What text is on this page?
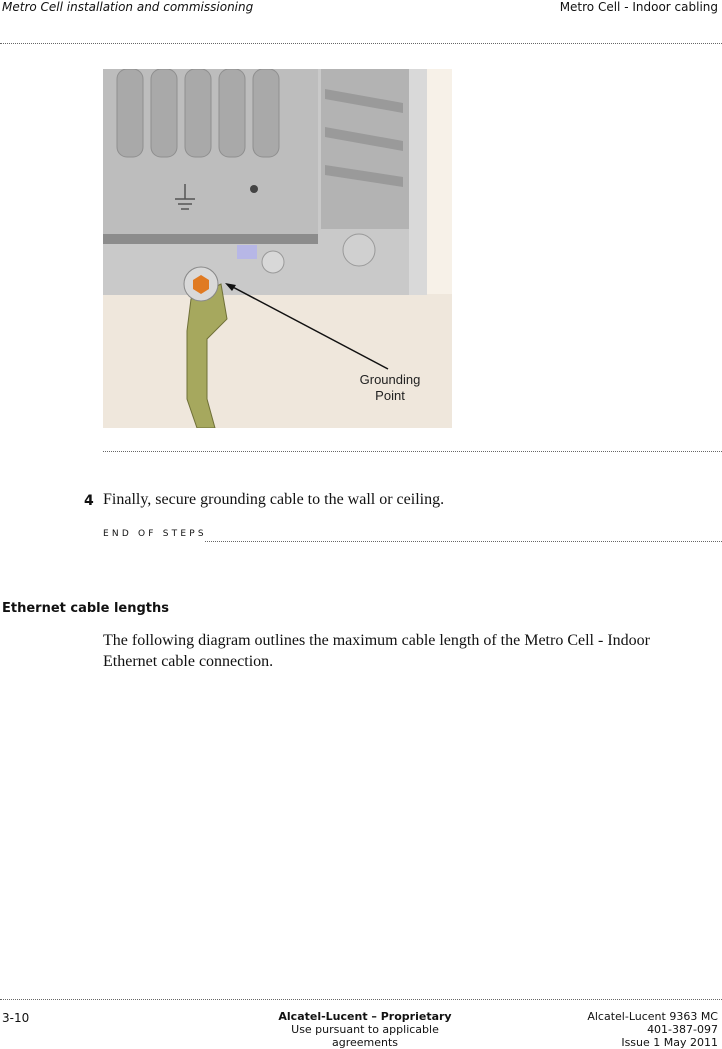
Metro Cell installation and commissioning	Metro Cell - Indoor cabling
Grounding
Point
4 Finally, secure grounding cable to the wall or ceiling.
END OF STEPS
Ethernet cable lengths
The following diagram outlines the maximum cable length of the Metro Cell - Indoor
Ethernet cable connection.
3-10	Alcatel-Lucent – Proprietary
Use pursuant to applicable agreements
Alcatel-Lucent 9363 MC
401-387-097
Issue 1 May 2011
